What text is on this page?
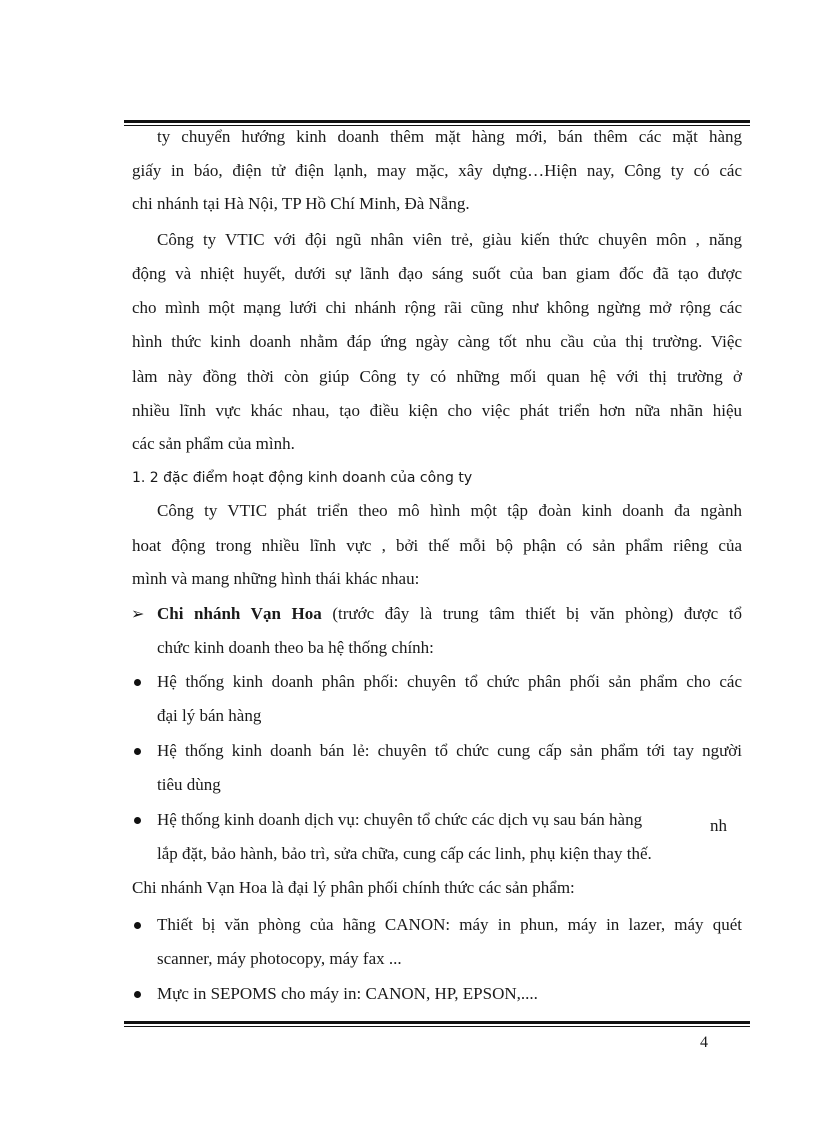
ty chuyển hướng kinh doanh thêm mặt hàng mới, bán thêm các mặt hàng
giấy in báo, điện tử điện lạnh, may mặc, xây dựng…Hiện nay, Công ty có các
chi nhánh tại Hà Nội, TP Hồ Chí Minh, Đà Nẵng.
Công ty VTIC với đội ngũ nhân viên trẻ, giàu kiến thức chuyên môn , năng
động và nhiệt huyết, dưới sự lãnh đạo sáng suốt của ban giam đốc đã tạo được
cho mình một mạng lưới chi nhánh rộng rãi cũng như không ngừng mở rộng các
hình thức kinh doanh nhằm đáp ứng ngày càng tốt nhu cầu của thị trường. Việc
làm này đồng thời còn giúp Công ty có những mối quan hệ với thị trường ở
nhiều lĩnh vực khác nhau, tạo điều kiện cho việc phát triển hơn nữa nhãn hiệu
các sản phẩm của mình.
1. 2 đặc điểm hoạt động kinh doanh của công ty
Công ty VTIC phát triển theo mô hình một tập đoàn kinh doanh đa ngành
hoat động trong nhiều lĩnh vực , bởi thế mỗi bộ phận có sản phẩm riêng của
mình và mang những hình thái khác nhau:
➢ Chi nhánh Vạn Hoa (trước đây là trung tâm thiết bị văn phòng) được tổ
chức kinh doanh theo ba hệ thống chính:
Hệ thống kinh doanh phân phối: chuyên tổ chức phân phối sản phẩm cho các
đại lý bán hàng
Hệ thống kinh doanh bán lẻ: chuyên tổ chức cung cấp sản phẩm tới tay người
tiêu dùng
Hệ thống kinh doanh dịch vụ: chuyên tổ chức các dịch vụ sau bán hàng	nh
lắp đặt, bảo hành, bảo trì, sửa chữa, cung cấp các linh, phụ kiện thay thế.
Chi nhánh Vạn Hoa là đại lý phân phối chính thức các sản phẩm:
Thiết bị văn phòng của hãng CANON: máy in phun, máy in lazer, máy quét
scanner, máy photocopy, máy fax ...
Mực in SEPOMS cho máy in: CANON, HP, EPSON,....
4
